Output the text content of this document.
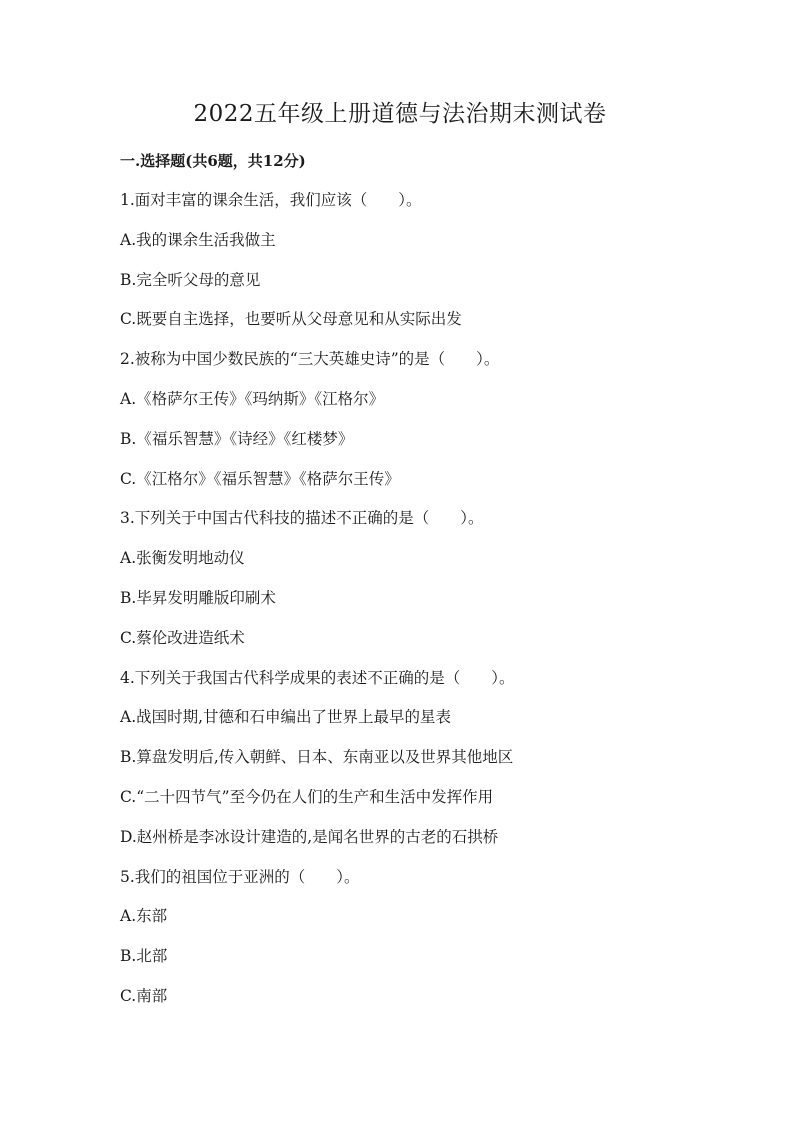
2022五年级上册道德与法治期末测试卷
一.选择题(共6题，共12分)
1.面对丰富的课余生活，我们应该（　　）。
A.我的课余生活我做主
B.完全听父母的意见
C.既要自主选择，也要听从父母意见和从实际出发
2.被称为中国少数民族的“三大英雄史诗”的是（　　）。
A.《格萨尔王传》《玛纳斯》《江格尔》
B.《福乐智慧》《诗经》《红楼梦》
C.《江格尔》《福乐智慧》《格萨尔王传》
3.下列关于中国古代科技的描述不正确的是（　　）。
A.张衡发明地动仪
B.毕昇发明雕版印刷术
C.蔡伦改进造纸术
4.下列关于我国古代科学成果的表述不正确的是（　　）。
A.战国时期,甘德和石申编出了世界上最早的星表
B.算盘发明后,传入朝鲜、日本、东南亚以及世界其他地区
C.“二十四节气”至今仍在人们的生产和生活中发挥作用
D.赵州桥是李冰设计建造的,是闻名世界的古老的石拱桥
5.我们的祖国位于亚洲的（　　）。
A.东部
B.北部
C.南部
